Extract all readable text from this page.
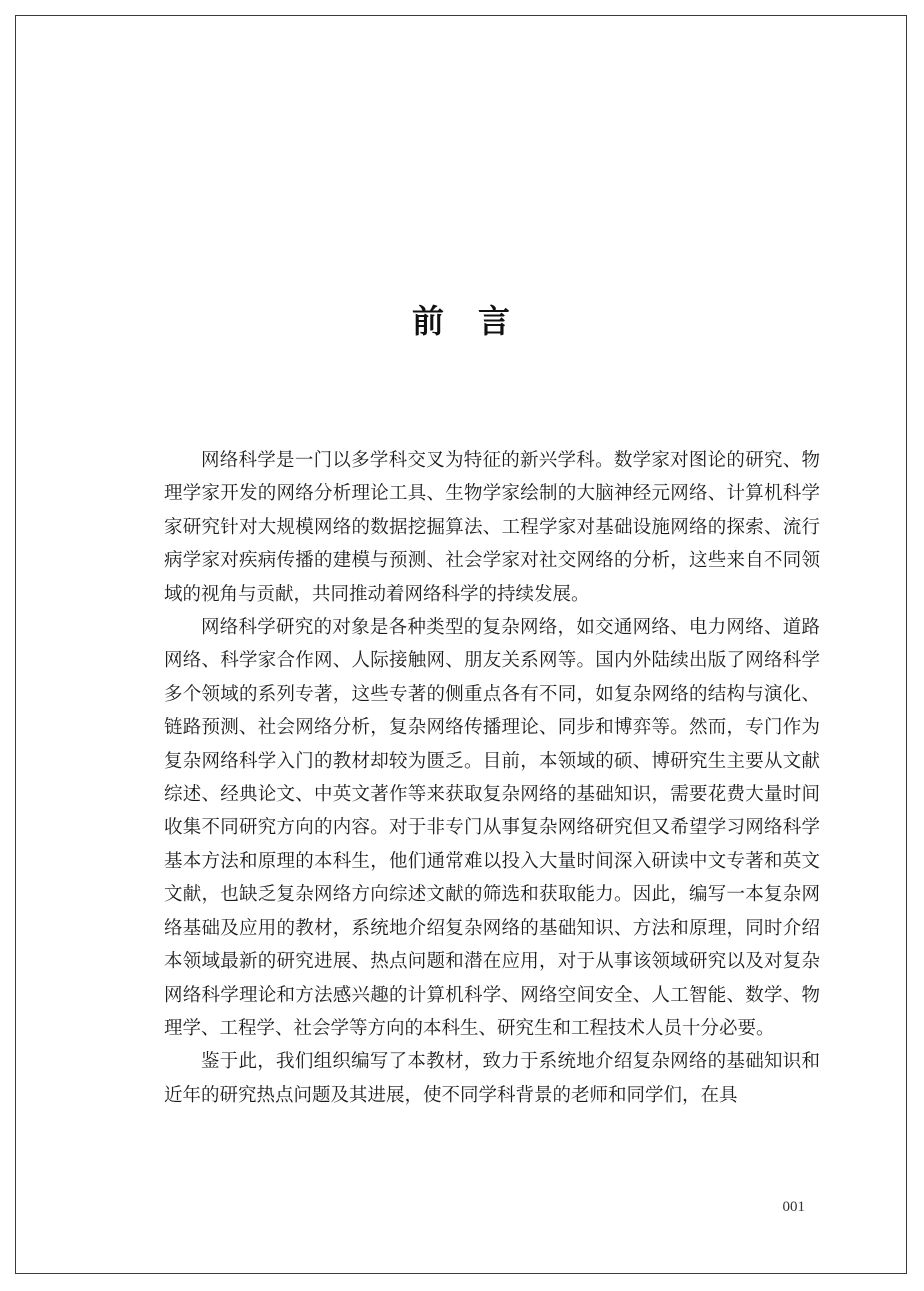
前言

网络科学是一门以多学科交叉为特征的新兴学科。数学家对图论的研究、物理学家开发的网络分析理论工具、生物学家绘制的大脑神经元网络、计算机科学家研究针对大规模网络的数据挖掘算法、工程学家对基础设施网络的探索、流行病学家对疾病传播的建模与预测、社会学家对社交网络的分析，这些来自不同领域的视角与贡献，共同推动着网络科学的持续发展。

网络科学研究的对象是各种类型的复杂网络，如交通网络、电力网络、道路网络、科学家合作网、人际接触网、朋友关系网等。国内外陆续出版了网络科学多个领域的系列专著，这些专著的侧重点各有不同，如复杂网络的结构与演化、链路预测、社会网络分析，复杂网络传播理论、同步和博弈等。然而，专门作为复杂网络科学入门的教材却较为匮乏。目前，本领域的硕、博研究生主要从文献综述、经典论文、中英文著作等来获取复杂网络的基础知识，需要花费大量时间收集不同研究方向的内容。对于非专门从事复杂网络研究但又希望学习网络科学基本方法和原理的本科生，他们通常难以投入大量时间深入研读中文专著和英文文献，也缺乏复杂网络方向综述文献的筛选和获取能力。因此，编写一本复杂网络基础及应用的教材，系统地介绍复杂网络的基础知识、方法和原理，同时介绍本领域最新的研究进展、热点问题和潜在应用，对于从事该领域研究以及对复杂网络科学理论和方法感兴趣的计算机科学、网络空间安全、人工智能、数学、物理学、工程学、社会学等方向的本科生、研究生和工程技术人员十分必要。

鉴于此，我们组织编写了本教材，致力于系统地介绍复杂网络的基础知识和近年的研究热点问题及其进展，使不同学科背景的老师和同学们，在具

001
